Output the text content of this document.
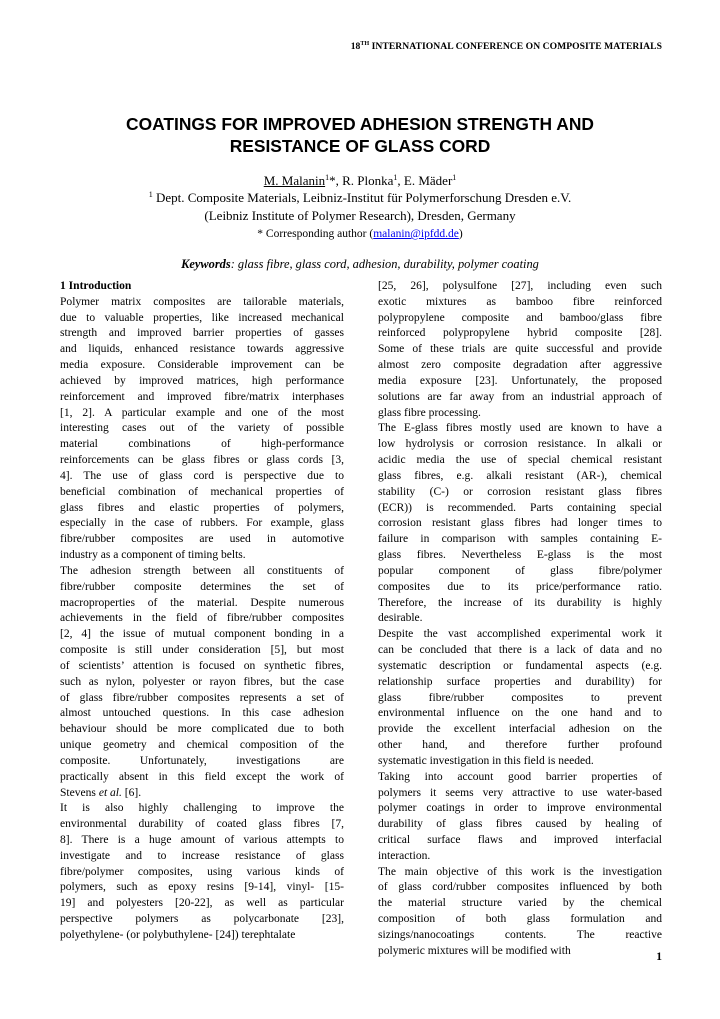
18TH INTERNATIONAL CONFERENCE ON COMPOSITE MATERIALS
COATINGS FOR IMPROVED ADHESION STRENGTH AND
RESISTANCE OF GLASS CORD
M. Malanin$^1$*, R. Plonka$^1$, E. Mäder$^1$
$^1$ Dept. Composite Materials, Leibniz-Institut für Polymerforschung Dresden e.V.
(Leibniz Institute of Polymer Research), Dresden, Germany
* Corresponding author (malanin@ipfdd.de)
Keywords: glass fibre, glass cord, adhesion, durability, polymer coating
1 Introduction
Polymer matrix composites are tailorable materials,
due to valuable properties, like increased mechanical
strength and improved barrier properties of gasses
and liquids, enhanced resistance towards aggressive
media exposure. Considerable improvement can be
achieved by improved matrices, high performance
reinforcement and improved fibre/matrix interphases
[1, 2]. A particular example and one of the most
interesting cases out of the variety of possible
material combinations of high-performance
reinforcements can be glass fibres or glass cords [3,
4]. The use of glass cord is perspective due to
beneficial combination of mechanical properties of
glass fibres and elastic properties of polymers,
especially in the case of rubbers. For example, glass
fibre/rubber composites are used in automotive
industry as a component of timing belts.
The adhesion strength between all constituents of
fibre/rubber composite determines the set of
macroproperties of the material. Despite numerous
achievements in the field of fibre/rubber composites
[2, 4] the issue of mutual component bonding in a
composite is still under consideration [5], but most
of scientists’ attention is focused on synthetic fibres,
such as nylon, polyester or rayon fibres, but the case
of glass fibre/rubber composites represents a set of
almost untouched questions. In this case adhesion
behaviour should be more complicated due to both
unique geometry and chemical composition of the
composite. Unfortunately, investigations are
practically absent in this field except the work of
Stevens et al. [6].
It is also highly challenging to improve the
environmental durability of coated glass fibres [7,
8]. There is a huge amount of various attempts to
investigate and to increase resistance of glass
fibre/polymer composites, using various kinds of
polymers, such as epoxy resins [9-14], vinyl- [15-
19] and polyesters [20-22], as well as particular
perspective polymers as polycarbonate [23],
polyethylene- (or polybuthylene- [24]) terephtalate
[25, 26], polysulfone [27], including even such
exotic mixtures as bamboo fibre reinforced
polypropylene composite and bamboo/glass fibre
reinforced polypropylene hybrid composite [28].
Some of these trials are quite successful and provide
almost zero composite degradation after aggressive
media exposure [23]. Unfortunately, the proposed
solutions are far away from an industrial approach of
glass fibre processing.
The E-glass fibres mostly used are known to have a
low hydrolysis or corrosion resistance. In alkali or
acidic media the use of special chemical resistant
glass fibres, e.g. alkali resistant (AR-), chemical
stability (C-) or corrosion resistant glass fibres
(ECR)) is recommended. Parts containing special
corrosion resistant glass fibres had longer times to
failure in comparison with samples containing E-
glass fibres. Nevertheless E-glass is the most
popular component of glass fibre/polymer
composites due to its price/performance ratio.
Therefore, the increase of its durability is highly
desirable.
Despite the vast accomplished experimental work it
can be concluded that there is a lack of data and no
systematic description or fundamental aspects (e.g.
relationship surface properties and durability) for
glass fibre/rubber composites to prevent
environmental influence on the one hand and to
provide the excellent interfacial adhesion on the
other hand, and therefore further profound
systematic investigation in this field is needed.
Taking into account good barrier properties of
polymers it seems very attractive to use water-based
polymer coatings in order to improve environmental
durability of glass fibres caused by healing of
critical surface flaws and improved interfacial
interaction.
The main objective of this work is the investigation
of glass cord/rubber composites influenced by both
the material structure varied by the chemical
composition of both glass formulation and
sizings/nanocoatings contents. The reactive
polymeric mixtures will be modified with
1
